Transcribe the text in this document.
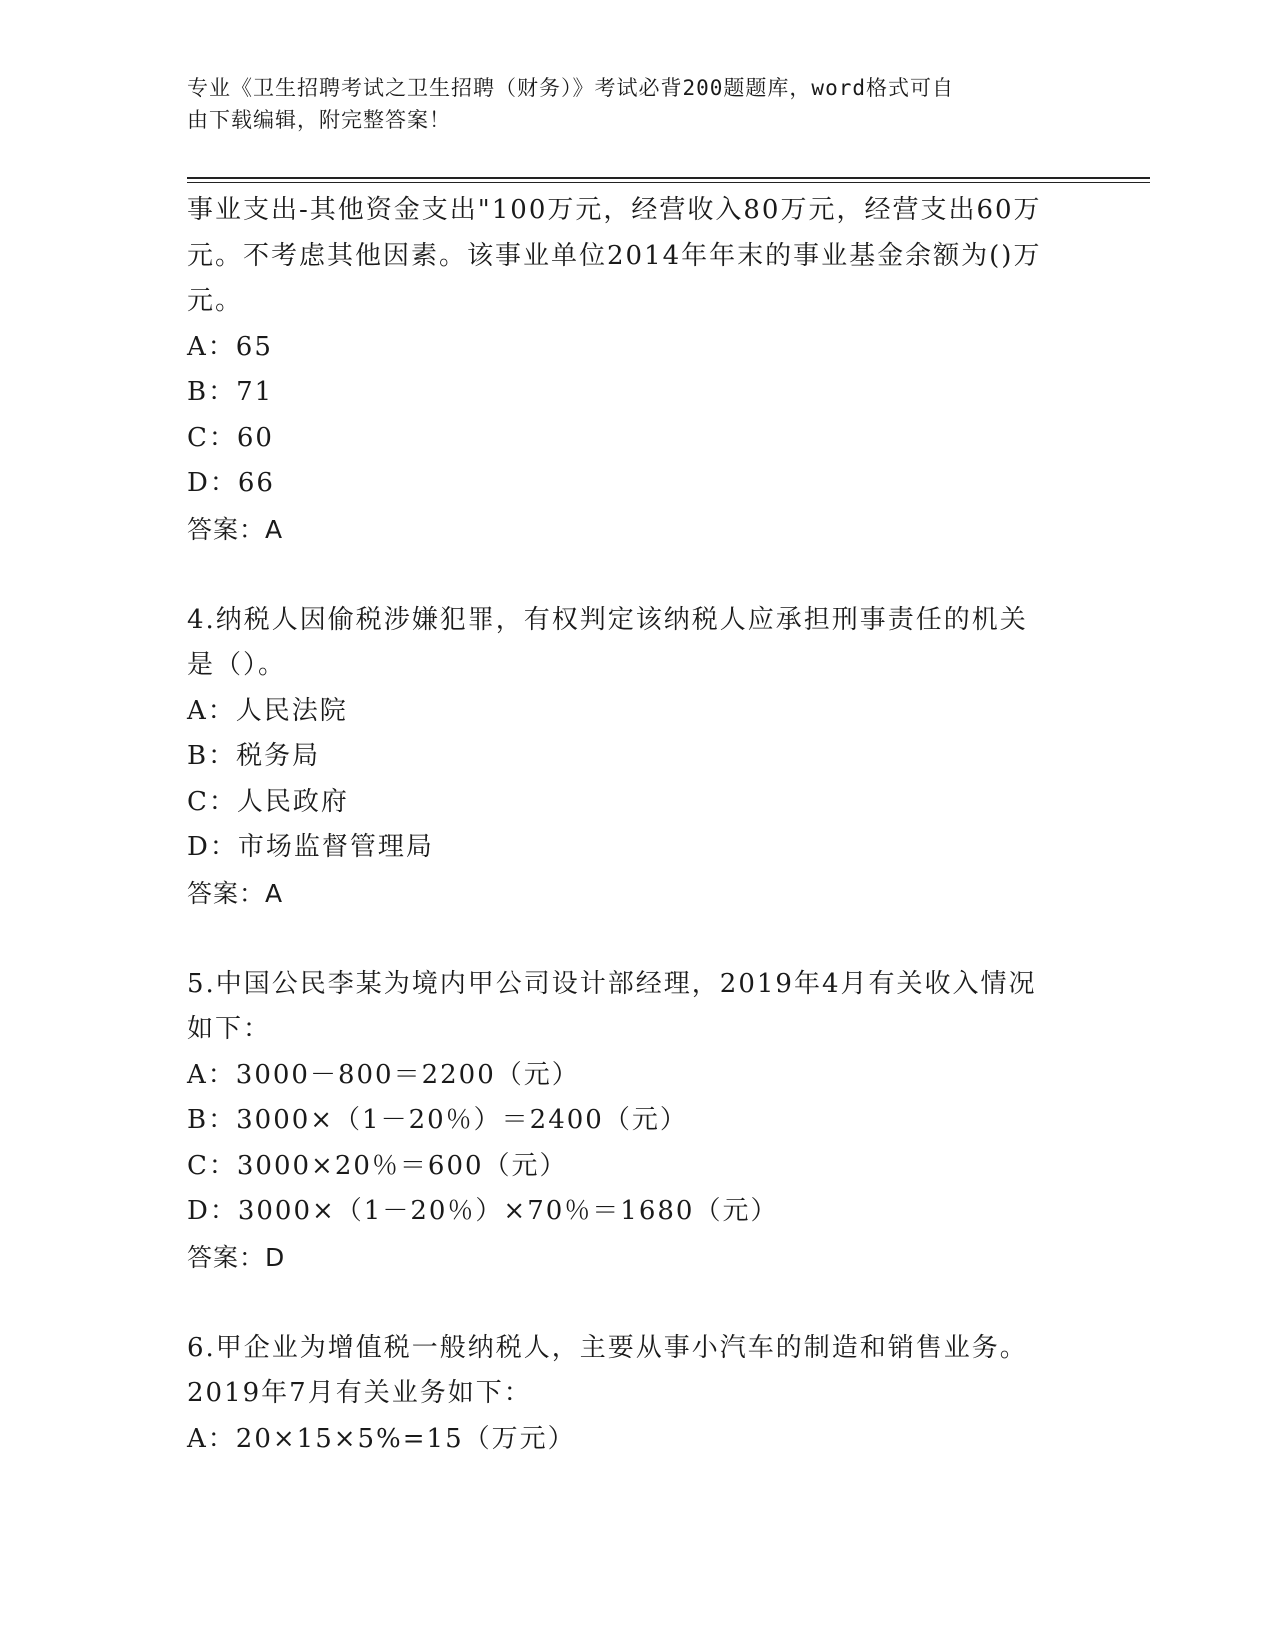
专业《卫生招聘考试之卫生招聘（财务）》考试必背200题题库，word格式可自
由下载编辑，附完整答案！

事业支出-其他资金支出"100万元，经营收入80万元，经营支出60万

元。不考虑其他因素。该事业单位2014年年末的事业基金余额为()万

元。

A：65

B：71

C：60

D：66

答案：A

4.纳税人因偷税涉嫌犯罪，有权判定该纳税人应承担刑事责任的机关

是（）。

A：人民法院

B：税务局

C：人民政府

D：市场监督管理局

答案：A

5.中国公民李某为境内甲公司设计部经理，2019年4月有关收入情况

如下：

A：3000－800＝2200（元）

B：3000×（1－20％）＝2400（元）

C：3000×20％＝600（元）

D：3000×（1－20％）×70％＝1680（元）

答案：D

6.甲企业为增值税一般纳税人，主要从事小汽车的制造和销售业务。

2019年7月有关业务如下：

A：20×15×5%=15（万元）
